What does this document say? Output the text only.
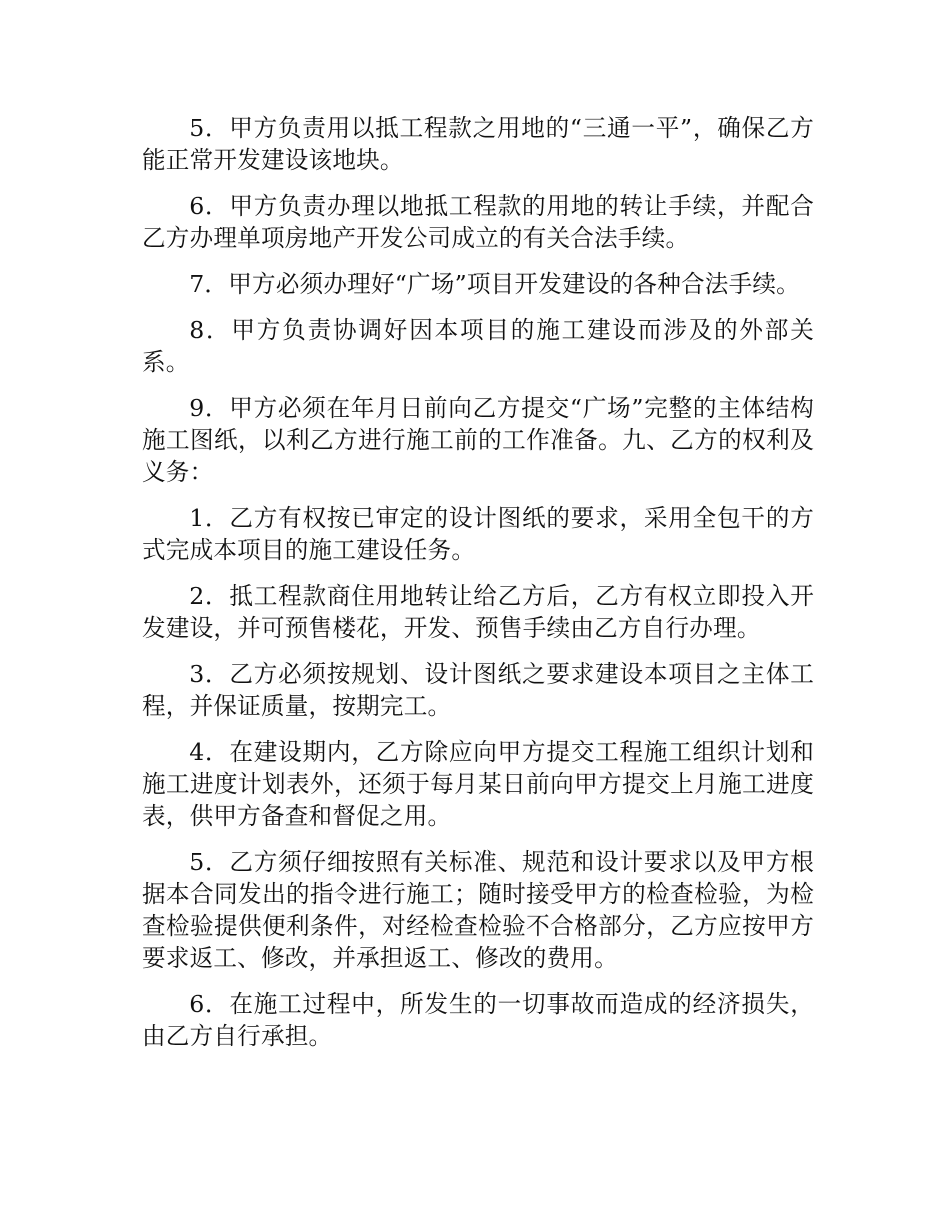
5．甲方负责用以抵工程款之用地的“三通一平”，确保乙方能正常开发建设该地块。

6．甲方负责办理以地抵工程款的用地的转让手续，并配合乙方办理单项房地产开发公司成立的有关合法手续。

7．甲方必须办理好“广场”项目开发建设的各种合法手续。

8．甲方负责协调好因本项目的施工建设而涉及的外部关系。

9．甲方必须在年月日前向乙方提交“广场”完整的主体结构施工图纸，以利乙方进行施工前的工作准备。九、乙方的权利及义务：

1．乙方有权按已审定的设计图纸的要求，采用全包干的方式完成本项目的施工建设任务。

2．抵工程款商住用地转让给乙方后，乙方有权立即投入开发建设，并可预售楼花，开发、预售手续由乙方自行办理。

3．乙方必须按规划、设计图纸之要求建设本项目之主体工程，并保证质量，按期完工。

4．在建设期内，乙方除应向甲方提交工程施工组织计划和施工进度计划表外，还须于每月某日前向甲方提交上月施工进度表，供甲方备查和督促之用。

5．乙方须仔细按照有关标准、规范和设计要求以及甲方根据本合同发出的指令进行施工；随时接受甲方的检查检验，为检查检验提供便利条件，对经检查检验不合格部分，乙方应按甲方要求返工、修改，并承担返工、修改的费用。

6．在施工过程中，所发生的一切事故而造成的经济损失，由乙方自行承担。
